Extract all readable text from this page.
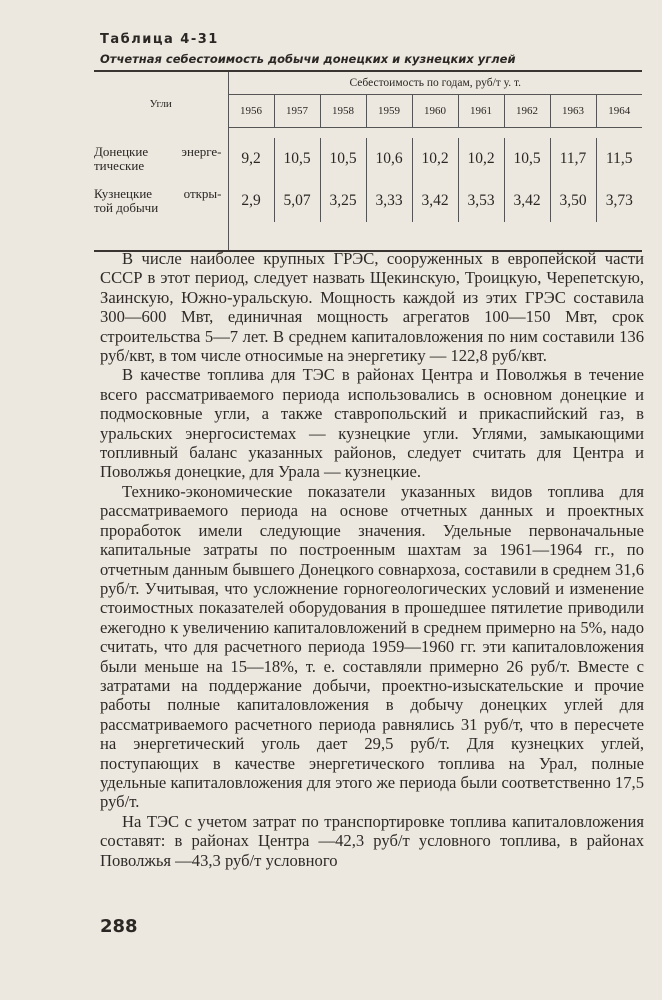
Таблица 4-31
Отчетная себестоимость добычи донецких и кузнецких углей
Угли	Себестоимость по годам, руб/т у. т.								
	1956	1957	1958	1959	1960	1961	1962	1963	1964

Донецкие энерге-
тические	9,2	10,5	10,5	10,6	10,2	10,2	10,5	11,7	11,5

Кузнецкие откры-
той добычи	2,9	5,07	3,25	3,33	3,42	3,53	3,42	3,50	3,73

В числе наиболее крупных ГРЭС, сооруженных в европейской части СССР в этот период, следует назвать Щекинскую, Троицкую, Черепетскую, Заинскую, Южно-уральскую. Мощность каждой из этих ГРЭС составила 300—600 Мвт, единичная мощность агрегатов 100—150 Мвт, срок строительства 5—7 лет. В среднем капиталовложения по ним составили 136 руб/квт, в том числе относимые на энергетику — 122,8 руб/квт.

В качестве топлива для ТЭС в районах Центра и Поволжья в течение всего рассматриваемого периода использовались в основном донецкие и подмосковные угли, а также ставропольский и прикаспийский газ, в уральских энергосистемах — кузнецкие угли. Углями, замыкающими топливный баланс указанных районов, следует считать для Центра и Поволжья донецкие, для Урала — кузнецкие.

Технико-экономические показатели указанных видов топлива для рассматриваемого периода на основе отчетных данных и проектных проработок имели следующие значения. Удельные первоначальные капитальные затраты по построенным шахтам за 1961—1964 гг., по отчетным данным бывшего Донецкого совнархоза, составили в среднем 31,6 руб/т. Учитывая, что усложнение горногеологических условий и изменение стоимостных показателей оборудования в прошедшее пятилетие приводили ежегодно к увеличению капиталовложений в среднем примерно на 5%, надо считать, что для расчетного периода 1959—1960 гг. эти капиталовложения были меньше на 15—18%, т. е. составляли примерно 26 руб/т. Вместе с затратами на поддержание добычи, проектно-изыскательские и прочие работы полные капиталовложения в добычу донецких углей для рассматриваемого расчетного периода равнялись 31 руб/т, что в пересчете на энергетический уголь дает 29,5 руб/т. Для кузнецких углей, поступающих в качестве энергетического топлива на Урал, полные удельные капиталовложения для этого же периода были соответственно 17,5 руб/т.

На ТЭС с учетом затрат по транспортировке топлива капиталовложения составят: в районах Центра —42,3 руб/т условного топлива, в районах Поволжья —43,3 руб/т условного

288
